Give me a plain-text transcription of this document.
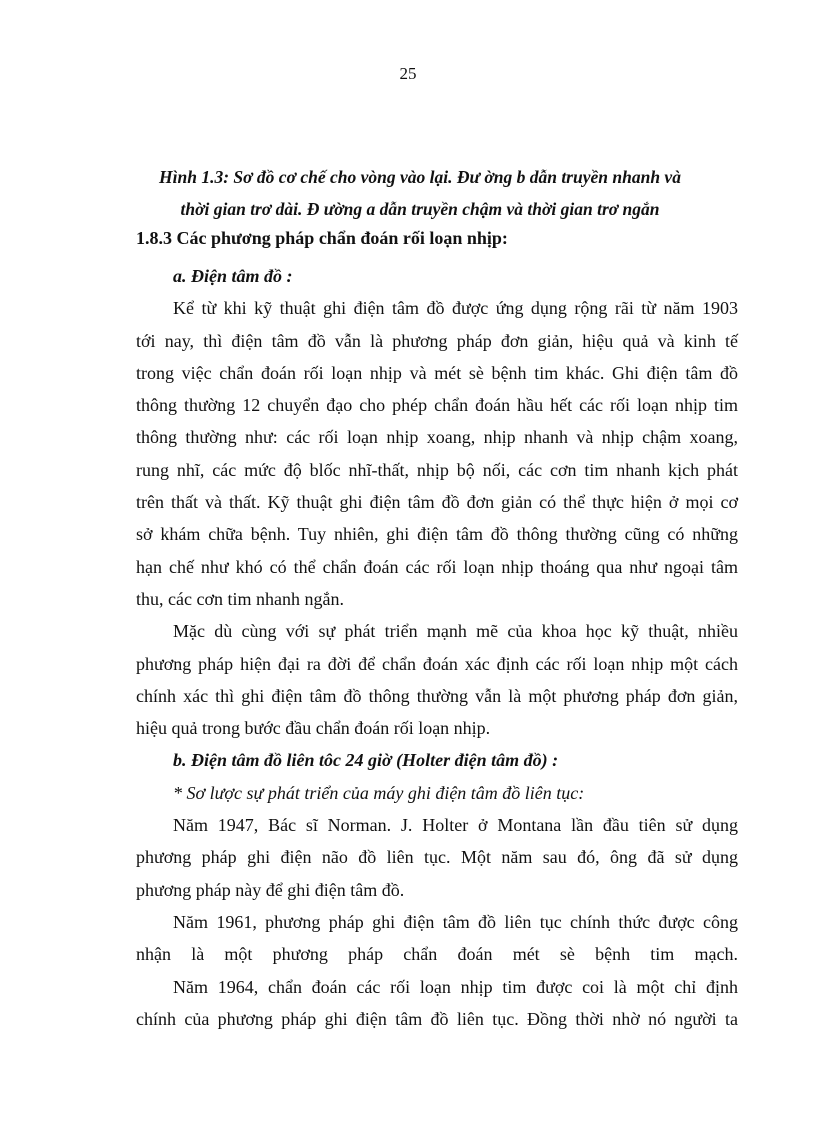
25
Hình 1.3: Sơ đồ cơ chế cho vòng vào lại. Đư ờng b dẫn truyền nhanh và
thời gian trơ dài. Đ ường a dẫn truyền chậm và thời gian trơ ngắn
1.8.3 Các phương pháp chẩn đoán rối loạn nhịp:
a. Điện tâm đồ :
Kể từ khi kỹ thuật ghi điện tâm đồ được ứng dụng rộng rãi từ năm 1903
tới nay, thì điện tâm đồ vẫn là phương pháp đơn giản, hiệu quả và kinh tế
trong việc chẩn đoán rối loạn nhịp và mét sè bệnh tim khác. Ghi điện tâm đồ
thông thường 12 chuyển đạo cho phép chẩn đoán hầu hết các rối loạn nhịp tim
thông thường như: các rối loạn nhịp xoang, nhịp nhanh và nhịp chậm xoang,
rung nhĩ, các mức độ blốc nhĩ-thất, nhịp bộ nối, các cơn tim nhanh kịch phát
trên thất và thất. Kỹ thuật ghi điện tâm đồ đơn giản có thể thực hiện ở mọi cơ
sở khám chữa bệnh. Tuy nhiên, ghi điện tâm đồ thông thường cũng có những
hạn chế như khó có thể chẩn đoán các rối loạn nhịp thoáng qua như ngoại tâm
thu, các cơn tim nhanh ngắn.
Mặc dù cùng với sự phát triển mạnh mẽ của khoa học kỹ thuật, nhiều
phương pháp hiện đại ra đời để chẩn đoán xác định các rối loạn nhịp một cách
chính xác thì ghi điện tâm đồ thông thường vẫn là một phương pháp đơn giản,
hiệu quả trong bước đầu chẩn đoán rối loạn nhịp.
b. Điện tâm đồ liên tôc 24 giờ (Holter điện tâm đồ) :
* Sơ lược sự phát triển của máy ghi điện tâm đồ liên tục:
Năm 1947, Bác sĩ Norman. J. Holter ở Montana lần đầu tiên sử dụng
phương pháp ghi điện não đồ liên tục. Một năm sau đó, ông đã sử dụng
phương pháp này để ghi điện tâm đồ.
Năm 1961, phương pháp ghi điện tâm đồ liên tục chính thức được công
nhận là một phương pháp chẩn đoán mét sè bệnh tim mạch.
Năm 1964, chẩn đoán các rối loạn nhịp tim được coi là một chỉ định
chính của phương pháp ghi điện tâm đồ liên tục. Đồng thời nhờ nó người ta
